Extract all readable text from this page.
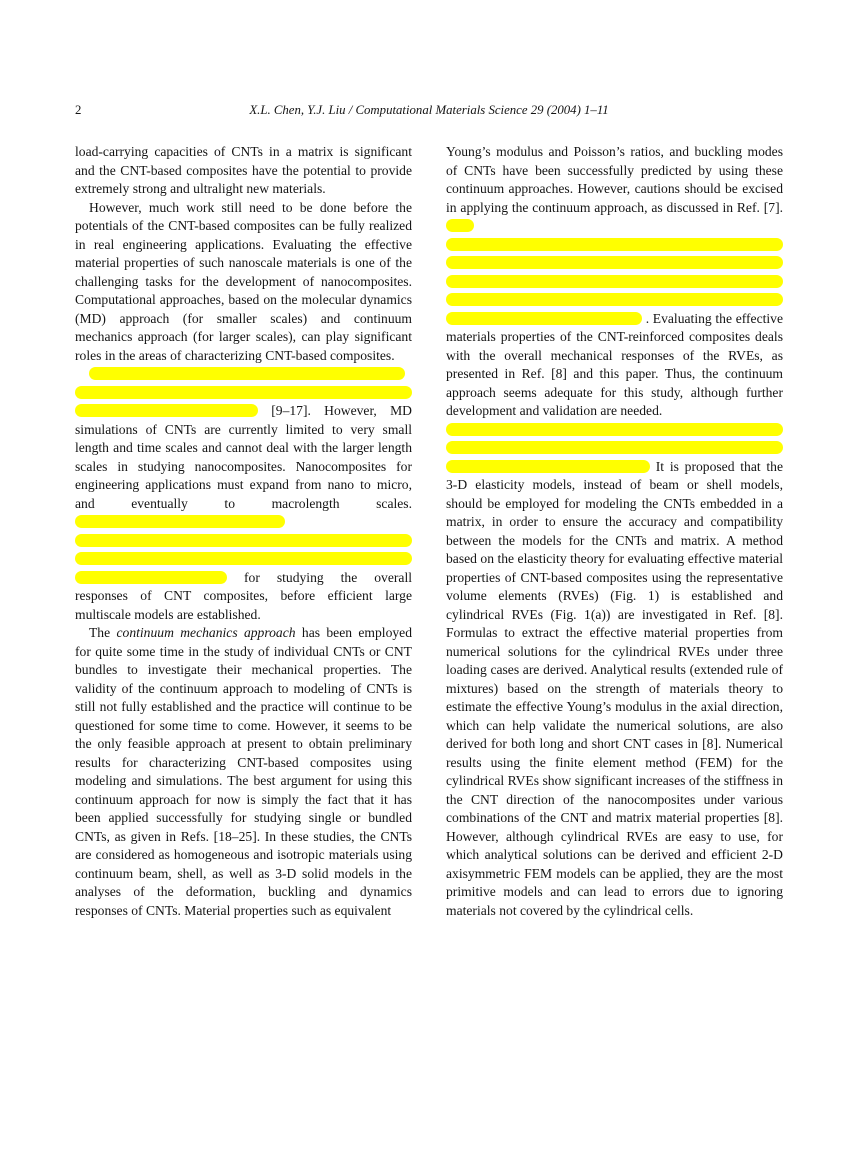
2	X.L. Chen, Y.J. Liu / Computational Materials Science 29 (2004) 1–11

load-carrying capacities of CNTs in a matrix is significant and the CNT-based composites have the potential to provide extremely strong and ultralight new materials.

However, much work still need to be done before the potentials of the CNT-based composites can be fully realized in real engineering applications. Evaluating the effective material properties of such nanoscale materials is one of the challenging tasks for the development of nanocomposites. Computational approaches, based on the molecular dynamics (MD) approach (for smaller scales) and continuum mechanics approach (for larger scales), can play significant roles in the areas of characterizing CNT-based composites.

[9–17]. However, MD simulations of CNTs are currently limited to very small length and time scales and cannot deal with the larger length scales in studying nanocomposites. Nanocomposites for engineering applications must expand from nano to micro, and eventually to macrolength scales.     for studying the overall responses of CNT composites, before efficient large multiscale models are established.

The continuum mechanics approach has been employed for quite some time in the study of individual CNTs or CNT bundles to investigate their mechanical properties. The validity of the continuum approach to modeling of CNTs is still not fully established and the practice will continue to be questioned for some time to come. However, it seems to be the only feasible approach at present to obtain preliminary results for characterizing CNT-based composites using modeling and simulations. The best argument for using this continuum approach for now is simply the fact that it has been applied successfully for studying single or bundled CNTs, as given in Refs. [18–25]. In these studies, the CNTs are considered as homogeneous and isotropic materials using continuum beam, shell, as well as 3-D solid models in the analyses of the deformation, buckling and dynamics responses of CNTs. Material properties such as equivalent

Young’s modulus and Poisson’s ratios, and buckling modes of CNTs have been successfully predicted by using these continuum approaches. However, cautions should be excised in applying the continuum approach, as discussed in Ref. [7].       . Evaluating the effective materials properties of the CNT-reinforced composites deals with the overall mechanical responses of the RVEs, as presented in Ref. [8] and this paper. Thus, the continuum approach seems adequate for this study, although further development and validation are needed.

It is proposed that the 3-D elasticity models, instead of beam or shell models, should be employed for modeling the CNTs embedded in a matrix, in order to ensure the accuracy and compatibility between the models for the CNTs and matrix. A method based on the elasticity theory for evaluating effective material properties of CNT-based composites using the representative volume elements (RVEs) (Fig. 1) is established and cylindrical RVEs (Fig. 1(a)) are investigated in Ref. [8]. Formulas to extract the effective material properties from numerical solutions for the cylindrical RVEs under three loading cases are derived. Analytical results (extended rule of mixtures) based on the strength of materials theory to estimate the effective Young’s modulus in the axial direction, which can help validate the numerical solutions, are also derived for both long and short CNT cases in [8]. Numerical results using the finite element method (FEM) for the cylindrical RVEs show significant increases of the stiffness in the CNT direction of the nanocomposites under various combinations of the CNT and matrix material properties [8]. However, although cylindrical RVEs are easy to use, for which analytical solutions can be derived and efficient 2-D axisymmetric FEM models can be applied, they are the most primitive models and can lead to errors due to ignoring materials not covered by the cylindrical cells.
